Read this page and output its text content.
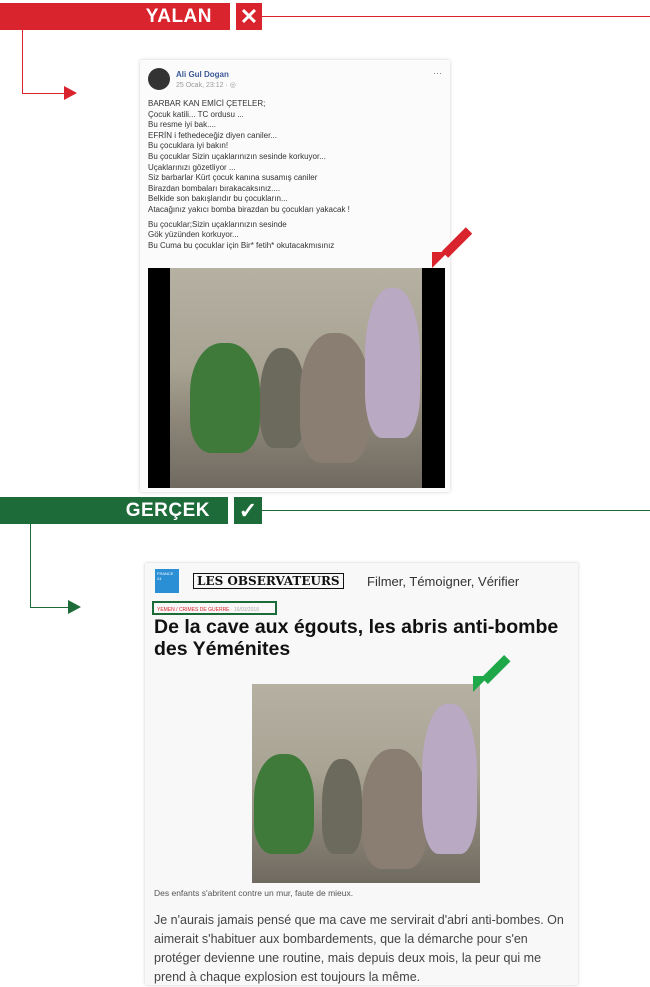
YALAN ✕
Ali Gul Dogan
25 Ocak, 23:12 · ◎
···
BARBAR KAN EMİCİ ÇETELER;
Çocuk katili... TC ordusu ...
Bu resme iyi bak....
EFRİN i fethedeceğiz diyen caniler...
Bu çocuklara iyi bakın!
Bu çocuklar Sizin uçaklarınızın sesinde korkuyor...
Uçaklarınızı gözetliyor ...
Siz barbarlar Kürt çocuk kanına susamış caniler
Birazdan bombaları bırakacaksınız....
Belkide son bakışlarıdır bu çocukların...
Atacağınız yakıcı bomba birazdan bu çocukları yakacak !
Bu çocuklar;Sizin uçaklarınızın sesinde
Gök yüzünden korkuyor...
Bu Cuma bu çocuklar için Bir* fetih* okutacakmısınız
GERÇEK ✓
FRANCE 24	LES OBSERVATEURS	Filmer, Témoigner, Vérifier
YEMEN / CRIMES DE GUERRE · 16/03/2018
De la cave aux égouts, les abris anti-bombe des Yéménites
Des enfants s'abritent contre un mur, faute de mieux.
Je n'aurais jamais pensé que ma cave me servirait d'abri anti-bombes. On aimerait s'habituer aux bombardements, que la démarche pour s'en protéger devienne une routine, mais depuis deux mois, la peur qui me prend à chaque explosion est toujours la même.
